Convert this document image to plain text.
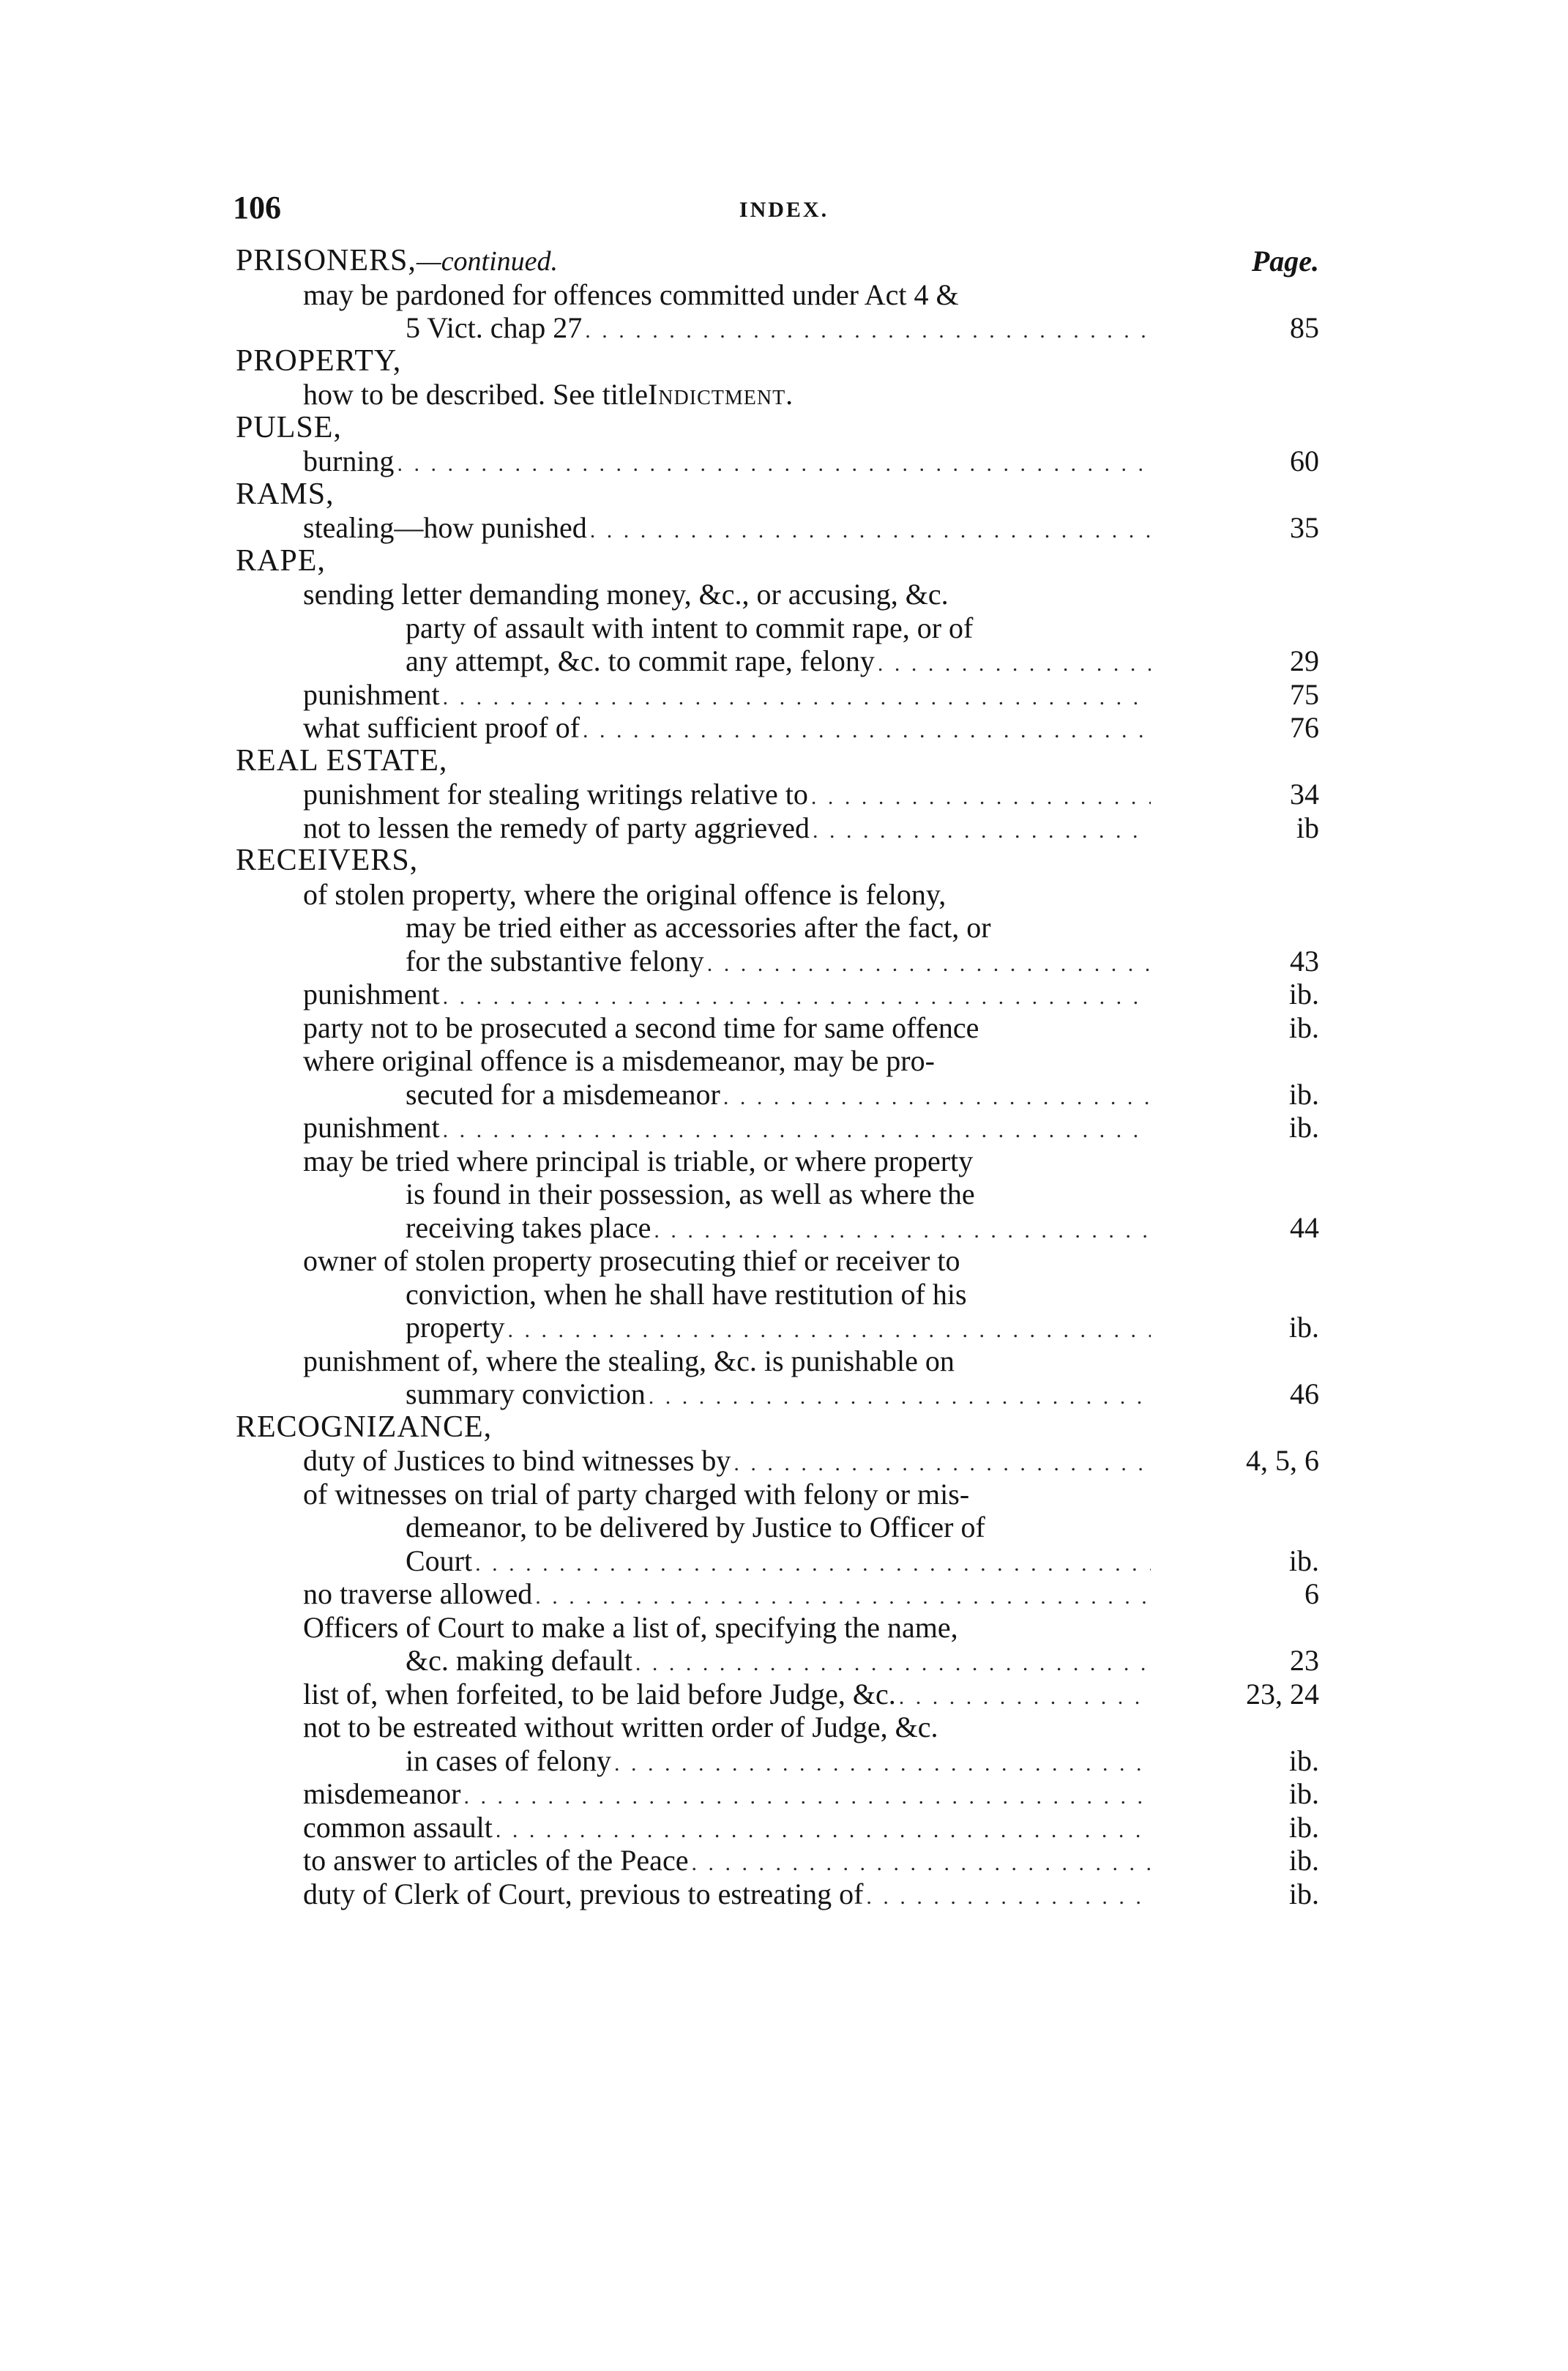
106	INDEX.
PRISONERS, —continued.	Page.
may be pardoned for offences committed under Act 4 &
5 Vict. chap 27 . . .	85
PROPERTY,
how to be described. See title Indictment.
PULSE,
burning . . .	60
RAMS,
stealing—how punished . . .	35
RAPE,
sending letter demanding money, &c., or accusing, &c.
party of assault with intent to commit rape, or of
any attempt, &c. to commit rape, felony . . .	29
punishment . . .	75
what sufficient proof of . . .	76
REAL ESTATE,
punishment for stealing writings relative to . . .	34
not to lessen the remedy of party aggrieved . . .	ib
RECEIVERS,
of stolen property, where the original offence is felony,
may be tried either as accessories after the fact, or
for the substantive felony . . .	43
punishment . . .	ib.
party not to be prosecuted a second time for same offence	ib.
where original offence is a misdemeanor, may be pro-
secuted for a misdemeanor . . .	ib.
punishment . . .	ib.
may be tried where principal is triable, or where property
is found in their possession, as well as where the
receiving takes place . . .	44
owner of stolen property prosecuting thief or receiver to
conviction, when he shall have restitution of his
property . . .	ib.
punishment of, where the stealing, &c. is punishable on
summary conviction . . .	46
RECOGNIZANCE,
duty of Justices to bind witnesses by . . .	4, 5, 6
of witnesses on trial of party charged with felony or mis-
demeanor, to be delivered by Justice to Officer of
Court . . .	ib.
no traverse allowed . . .	6
Officers of Court to make a list of, specifying the name,
&c. making default . . .	23
list of, when forfeited, to be laid before Judge, &c. . . .	23, 24
not to be estreated without written order of Judge, &c.
in cases of felony . . .	ib.
misdemeanor . . .	ib.
common assault . . .	ib.
to answer to articles of the Peace . . .	ib.
duty of Clerk of Court, previous to estreating of . . .	ib.
